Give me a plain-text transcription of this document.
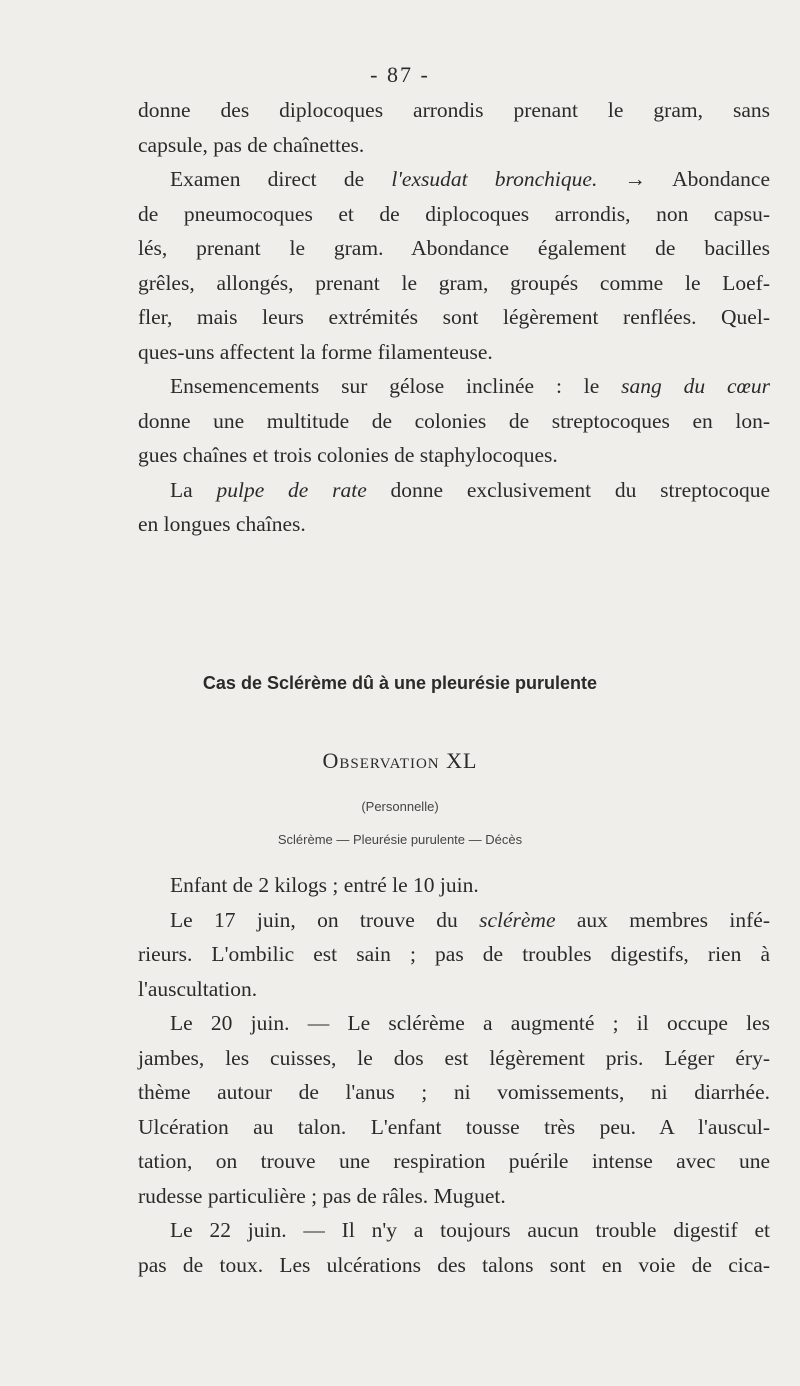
- 87 -
donne des diplocoques arrondis prenant le gram, sans
capsule, pas de chaînettes.
Examen direct de l'exsudat bronchique. → Abondance
de pneumocoques et de diplocoques arrondis, non capsu-
lés, prenant le gram. Abondance également de bacilles
grêles, allongés, prenant le gram, groupés comme le Loef-
fler, mais leurs extrémités sont légèrement renflées. Quel-
ques-uns affectent la forme filamenteuse.
Ensemencements sur gélose inclinée : le sang du cœur
donne une multitude de colonies de streptocoques en lon-
gues chaînes et trois colonies de staphylocoques.
La pulpe de rate donne exclusivement du streptocoque
en longues chaînes.
Cas de Sclérème dû à une pleurésie purulente
Observation XL
(Personnelle)
Sclérème — Pleurésie purulente — Décès
Enfant de 2 kilogs ; entré le 10 juin.
Le 17 juin, on trouve du sclérème aux membres infé-
rieurs. L'ombilic est sain ; pas de troubles digestifs, rien à
l'auscultation.
Le 20 juin. — Le sclérème a augmenté ; il occupe les
jambes, les cuisses, le dos est légèrement pris. Léger éry-
thème autour de l'anus ; ni vomissements, ni diarrhée.
Ulcération au talon. L'enfant tousse très peu. A l'auscul-
tation, on trouve une respiration puérile intense avec une
rudesse particulière ; pas de râles. Muguet.
Le 22 juin. — Il n'y a toujours aucun trouble digestif et
pas de toux. Les ulcérations des talons sont en voie de cica-
